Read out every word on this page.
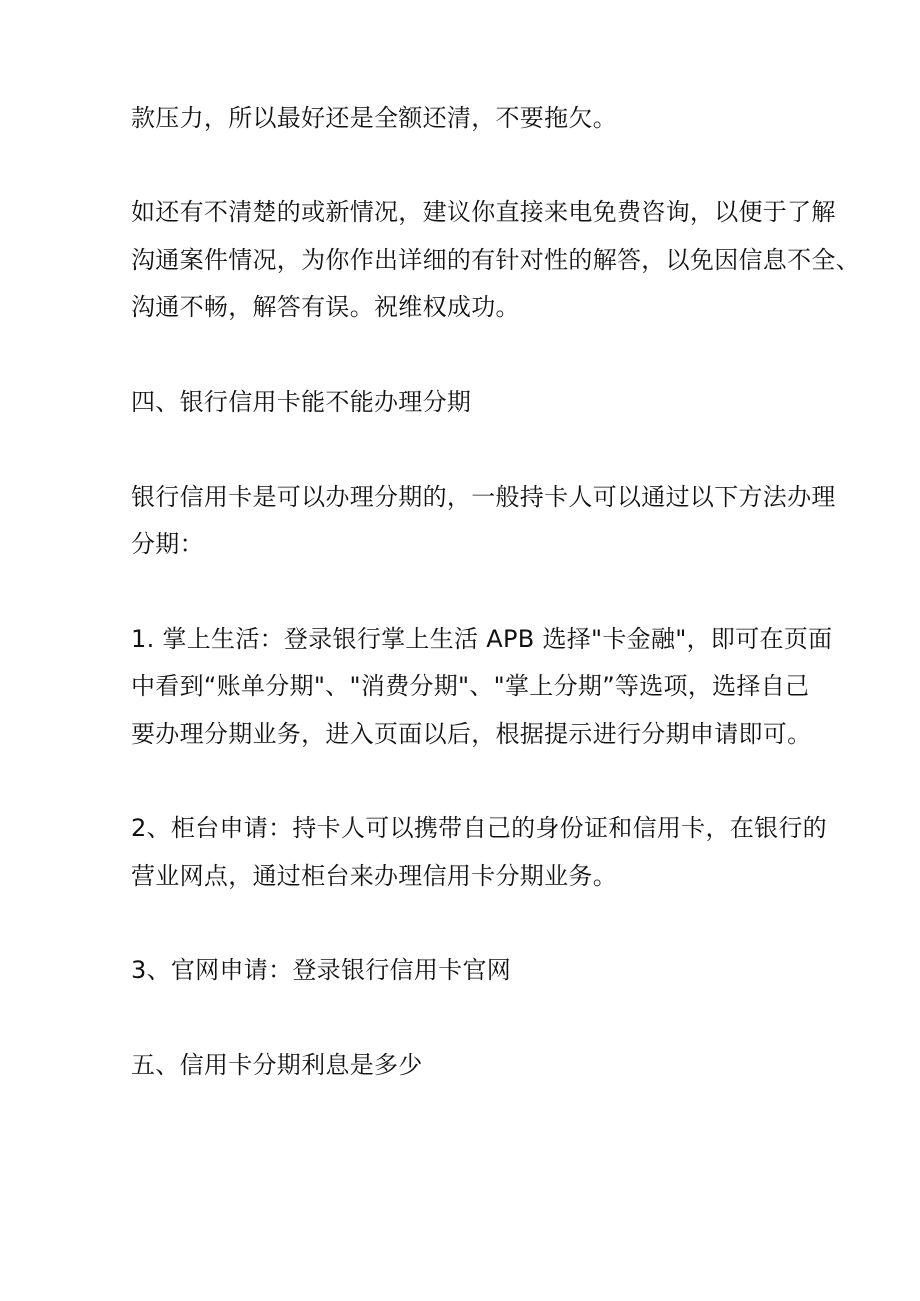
款压力，所以最好还是全额还清，不要拖欠。
如还有不清楚的或新情况，建议你直接来电免费咨询，以便于了解
沟通案件情况，为你作出详细的有针对性的解答，以免因信息不全、
沟通不畅，解答有误。祝维权成功。
四、银行信用卡能不能办理分期
银行信用卡是可以办理分期的，一般持卡人可以通过以下方法办理
分期：
1. 掌上生活：登录银行掌上生活 APB 选择"卡金融"，即可在页面
中看到“账单分期"、"消费分期"、"掌上分期”等选项，选择自己
要办理分期业务，进入页面以后，根据提示进行分期申请即可。
2、柜台申请：持卡人可以携带自己的身份证和信用卡，在银行的
营业网点，通过柜台来办理信用卡分期业务。
3、官网申请：登录银行信用卡官网
五、信用卡分期利息是多少
